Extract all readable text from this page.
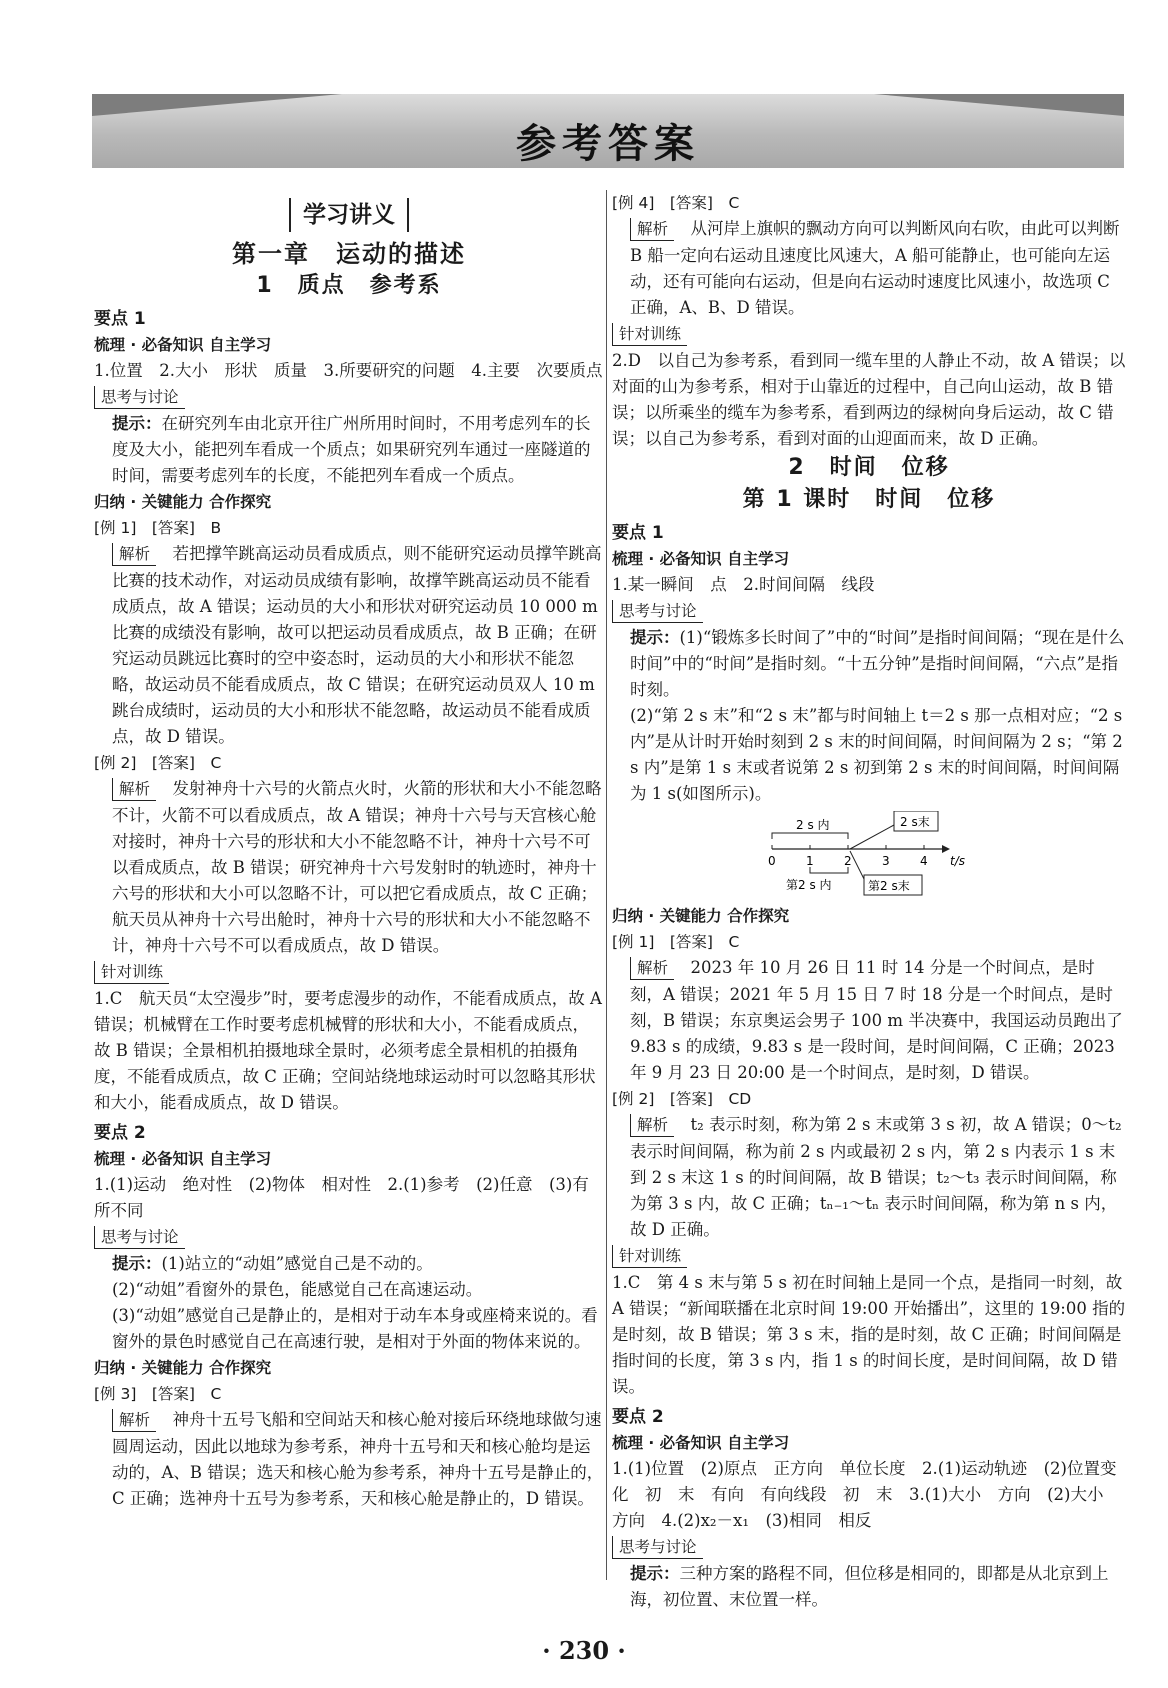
参考答案
学习讲义
第一章　运动的描述
1　质点　参考系
要点 1
梳理 · 必备知识 自主学习

1.位置　2.大小　形状　质量　3.所要研究的问题　4.主要　次要质点

思考与讨论

提示：在研究列车由北京开往广州所用时间时，不用考虑列车的长度及大小，能把列车看成一个质点；如果研究列车通过一座隧道的时间，需要考虑列车的长度，不能把列车看成一个质点。

归纳 · 关键能力 合作探究
[例 1]　[答案]　B

解析　 若把撑竿跳高运动员看成质点，则不能研究运动员撑竿跳高比赛的技术动作，对运动员成绩有影响，故撑竿跳高运动员不能看成质点，故 A 错误；运动员的大小和形状对研究运动员 10 000 m 比赛的成绩没有影响，故可以把运动员看成质点，故 B 正确；在研究运动员跳远比赛时的空中姿态时，运动员的大小和形状不能忽略，故运动员不能看成质点，故 C 错误；在研究运动员双人 10 m 跳台成绩时，运动员的大小和形状不能忽略，故运动员不能看成质点，故 D 错误。

[例 2]　[答案]　C

解析　 发射神舟十六号的火箭点火时，火箭的形状和大小不能忽略不计，火箭不可以看成质点，故 A 错误；神舟十六号与天宫核心舱对接时，神舟十六号的形状和大小不能忽略不计，神舟十六号不可以看成质点，故 B 错误；研究神舟十六号发射时的轨迹时，神舟十六号的形状和大小可以忽略不计，可以把它看成质点，故 C 正确；航天员从神舟十六号出舱时，神舟十六号的形状和大小不能忽略不计，神舟十六号不可以看成质点，故 D 错误。

针对训练

1.C　航天员“太空漫步”时，要考虑漫步的动作，不能看成质点，故 A 错误；机械臂在工作时要考虑机械臂的形状和大小，不能看成质点，故 B 错误；全景相机拍摄地球全景时，必须考虑全景相机的拍摄角度，不能看成质点，故 C 正确；空间站绕地球运动时可以忽略其形状和大小，能看成质点，故 D 错误。

要点 2
梳理 · 必备知识 自主学习

1.(1)运动　绝对性　(2)物体　相对性　2.(1)参考　(2)任意　(3)有所不同

思考与讨论

提示：(1)站立的“动姐”感觉自己是不动的。

(2)“动姐”看窗外的景色，能感觉自己在高速运动。

(3)“动姐”感觉自己是静止的，是相对于动车本身或座椅来说的。看窗外的景色时感觉自己在高速行驶，是相对于外面的物体来说的。

归纳 · 关键能力 合作探究
[例 3]　[答案]　C

解析　 神舟十五号飞船和空间站天和核心舱对接后环绕地球做匀速圆周运动，因此以地球为参考系，神舟十五号和天和核心舱均是运动的，A、B 错误；选天和核心舱为参考系，神舟十五号是静止的，C 正确；选神舟十五号为参考系，天和核心舱是静止的，D 错误。

[例 4]　[答案]　C

解析　 从河岸上旗帜的飘动方向可以判断风向右吹，由此可以判断 B 船一定向右运动且速度比风速大，A 船可能静止，也可能向左运动，还有可能向右运动，但是向右运动时速度比风速小，故选项 C 正确，A、B、D 错误。

针对训练

2.D　以自己为参考系，看到同一缆车里的人静止不动，故 A 错误；以对面的山为参考系，相对于山靠近的过程中，自己向山运动，故 B 错误；以所乘坐的缆车为参考系，看到两边的绿树向身后运动，故 C 错误；以自己为参考系，看到对面的山迎面而来，故 D 正确。

2　时间　位移
第 1 课时　时间　位移
要点 1
梳理 · 必备知识 自主学习

1.某一瞬间　点　2.时间间隔　线段

思考与讨论

提示：(1)“锻炼多长时间了”中的“时间”是指时间间隔；“现在是什么时间”中的“时间”是指时刻。“十五分钟”是指时间间隔，“六点”是指时刻。

(2)“第 2 s 末”和“2 s 末”都与时间轴上 t＝2 s 那一点相对应；“2 s 内”是从计时开始时刻到 2 s 末的时间间隔，时间间隔为 2 s；“第 2 s 内”是第 1 s 末或者说第 2 s 初到第 2 s 末的时间间隔，时间间隔为 1 s(如图所示)。

2 s 内	2 s末
0	1	2	3	4 t/s
第2 s 内	第2 s末
归纳 · 关键能力 合作探究
[例 1]　[答案]　C

解析　 2023 年 10 月 26 日 11 时 14 分是一个时间点，是时刻，A 错误；2021 年 5 月 15 日 7 时 18 分是一个时间点，是时刻，B 错误；东京奥运会男子 100 m 半决赛中，我国运动员跑出了 9.83 s 的成绩，9.83 s 是一段时间，是时间间隔，C 正确；2023 年 9 月 23 日 20:00 是一个时间点，是时刻，D 错误。

[例 2]　[答案]　CD

解析　 t₂ 表示时刻，称为第 2 s 末或第 3 s 初，故 A 错误；0～t₂ 表示时间间隔，称为前 2 s 内或最初 2 s 内，第 2 s 内表示 1 s 末到 2 s 末这 1 s 的时间间隔，故 B 错误；t₂～t₃ 表示时间间隔，称为第 3 s 内，故 C 正确；tₙ₋₁～tₙ 表示时间间隔，称为第 n s 内，故 D 正确。

针对训练

1.C　第 4 s 末与第 5 s 初在时间轴上是同一个点，是指同一时刻，故 A 错误；“新闻联播在北京时间 19:00 开始播出”，这里的 19:00 指的是时刻，故 B 错误；第 3 s 末，指的是时刻，故 C 正确；时间间隔是指时间的长度，第 3 s 内，指 1 s 的时间长度，是时间间隔，故 D 错误。

要点 2
梳理 · 必备知识 自主学习

1.(1)位置　(2)原点　正方向　单位长度　2.(1)运动轨迹　(2)位置变化　初　末　有向　有向线段　初　末　3.(1)大小　方向　(2)大小　方向　4.(2)x₂－x₁　(3)相同　相反

思考与讨论

提示：三种方案的路程不同，但位移是相同的，即都是从北京到上海，初位置、末位置一样。

· 230 ·
